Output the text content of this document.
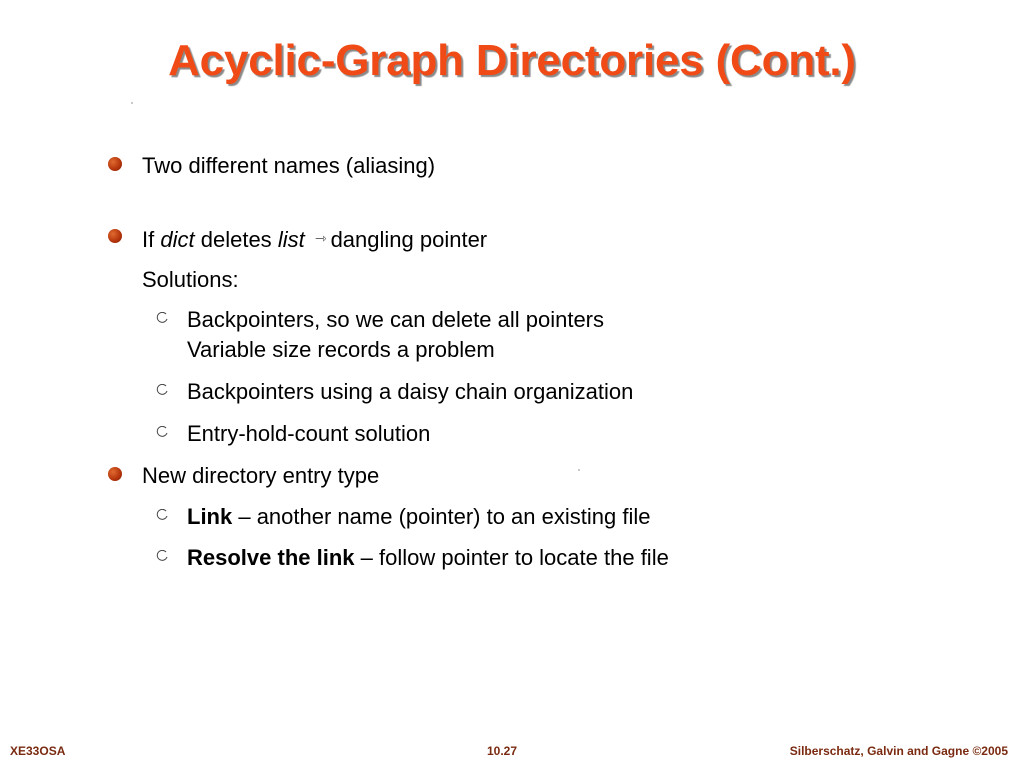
Acyclic-Graph Directories (Cont.)
Two different names (aliasing)
If dict deletes list ⇾ dangling pointer
Solutions:
Backpointers, so we can delete all pointers
Variable size records a problem
Backpointers using a daisy chain organization
Entry-hold-count solution
New directory entry type
Link – another name (pointer) to an existing file
Resolve the link – follow pointer to locate the file
XE33OSA	10.27	Silberschatz, Galvin and Gagne ©2005
